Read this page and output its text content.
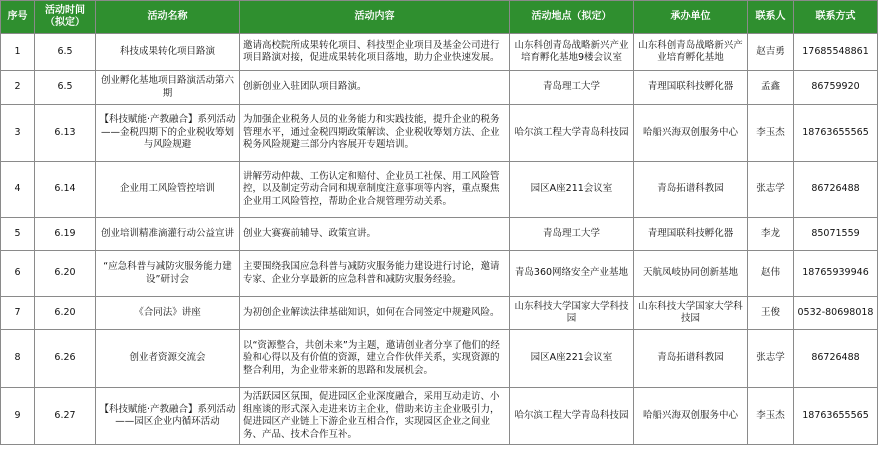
序号	活动时间（拟定）	活动名称	活动内容	活动地点（拟定）	承办单位	联系人	联系方式
1	6.5	科技成果转化项目路演	邀请高校院所成果转化项目、科技型企业项目及基金公司进行项目路演对接，促进成果转化项目落地，助力企业快速发展。	山东科创青岛战略新兴产业培育孵化基地9楼会议室	山东科创青岛战略新兴产业培育孵化基地	赵吉勇	17685548861
2	6.5	创业孵化基地项目路演活动第六期	创新创业入驻团队项目路演。	青岛理工大学	青理国联科技孵化器	孟鑫	86759920
3	6.13	【科技赋能·产教融合】系列活动——金税四期下的企业税收筹划与风险规避	为加强企业税务人员的业务能力和实践技能，提升企业的税务管理水平，通过金税四期政策解读、企业税收筹划方法、企业税务风险规避三部分内容展开专题培训。	哈尔滨工程大学青岛科技园	哈船兴海双创服务中心	李玉杰	18763655565
4	6.14	企业用工风险管控培训	讲解劳动仲裁、工伤认定和赔付、企业员工社保、用工风险管控，以及制定劳动合同和规章制度注意事项等内容，重点聚焦企业用工风险管控，帮助企业合规管理劳动关系。	园区A座211会议室	青岛拓谱科教园	张志学	86726488
5	6.19	创业培训精准滴灌行动公益宣讲	创业大赛赛前辅导、政策宣讲。	青岛理工大学	青理国联科技孵化器	李龙	85071559
6	6.20	“应急科普与减防灾服务能力建设”研讨会	主要围绕我国应急科普与减防灾服务能力建设进行讨论，邀请专家、企业分享最新的应急科普和减防灾服务经验。	青岛360网络安全产业基地	天航凤岐协同创新基地	赵伟	18765939946
7	6.20	《合同法》讲座	为初创企业解读法律基础知识，如何在合同签定中规避风险。	山东科技大学国家大学科技园	山东科技大学国家大学科技园	王俊	0532-80698018
8	6.26	创业者资源交流会	以“资源整合，共创未来”为主题，邀请创业者分享了他们的经验和心得以及有价值的资源，建立合作伙伴关系，实现资源的整合利用，为企业带来新的思路和发展机会。	园区A座221会议室	青岛拓谱科教园	张志学	86726488
9	6.27	【科技赋能·产教融合】系列活动——园区企业内循环活动	为活跃园区氛围，促进园区企业深度融合，采用互动走访、小组座谈的形式深入走进来访主企业，借助来访主企业吸引力，促进园区产业链上下游企业互相合作，实现园区企业之间业务、产品、技术合作互补。	哈尔滨工程大学青岛科技园	哈船兴海双创服务中心	李玉杰	18763655565
